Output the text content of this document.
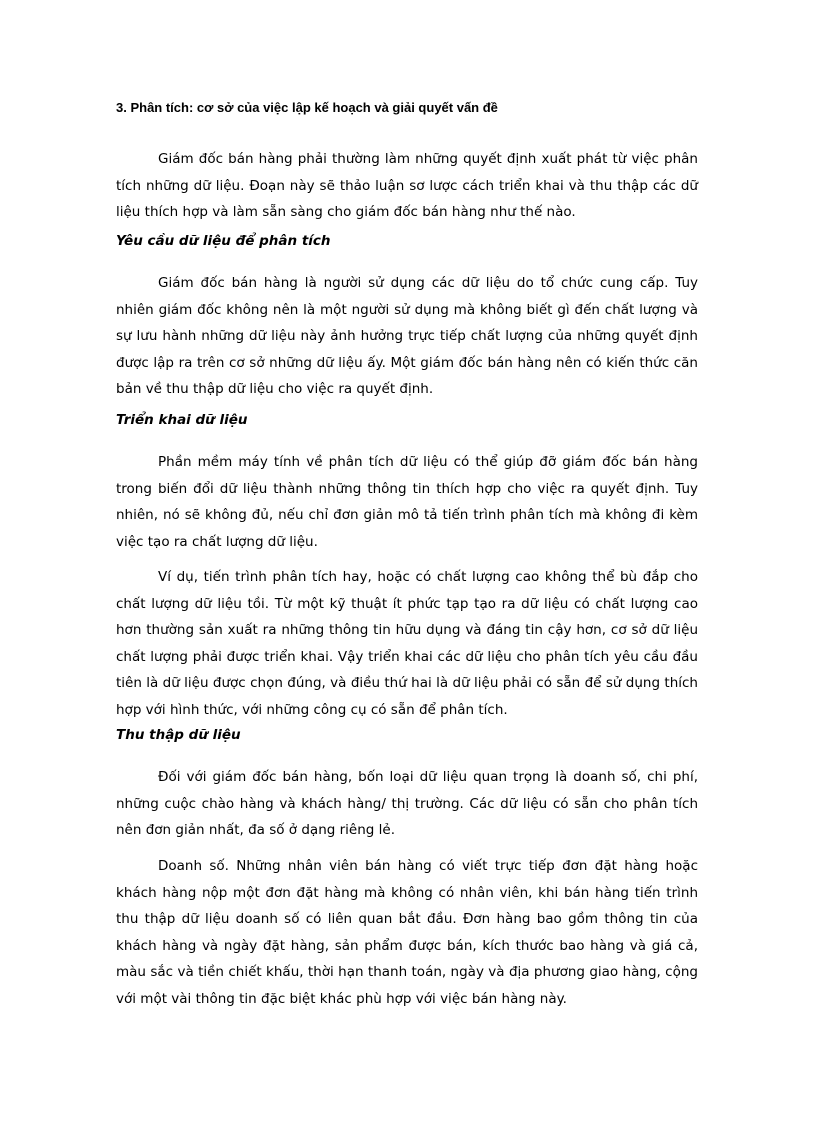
3. Phân tích: cơ sở của việc lập kế hoạch và giải quyết vấn đề

Giám đốc bán hàng phải thường làm những quyết định xuất phát từ việc phân tích những dữ liệu. Đoạn này sẽ thảo luận sơ lược cách triển khai và thu thập các dữ liệu thích hợp và làm sẵn sàng cho giám đốc bán hàng như thế nào.

Yêu cầu dữ liệu để phân tích

Giám đốc bán hàng là người sử dụng các dữ liệu do tổ chức cung cấp. Tuy nhiên giám đốc không nên là một người sử dụng mà không biết gì đến chất lượng và sự lưu hành những dữ liệu này ảnh hưởng trực tiếp chất lượng của những quyết định được lập ra trên cơ sở những dữ liệu ấy. Một giám đốc bán hàng nên có kiến thức căn bản về thu thập dữ liệu cho việc ra quyết định.

Triển khai dữ liệu

Phần mềm máy tính về phân tích dữ liệu có thể giúp đỡ giám đốc bán hàng trong biến đổi dữ liệu thành những thông tin thích hợp cho việc ra quyết định. Tuy nhiên, nó sẽ không đủ, nếu chỉ đơn giản mô tả tiến trình phân tích mà không đi kèm việc tạo ra chất lượng dữ liệu.

Ví dụ, tiến trình phân tích hay, hoặc có chất lượng cao không thể bù đắp cho chất lượng dữ liệu tồi. Từ một kỹ thuật ít phức tạp tạo ra dữ liệu có chất lượng cao hơn thường sản xuất ra những thông tin hữu dụng và đáng tin cậy hơn, cơ sở dữ liệu chất lượng phải được triển khai. Vậy triển khai các dữ liệu cho phân tích yêu cầu đầu tiên là dữ liệu được chọn đúng, và điều thứ hai là dữ liệu phải có sẵn để sử dụng thích hợp với hình thức, với những công cụ có sẵn để phân tích.

Thu thập dữ liệu

Đối với giám đốc bán hàng, bốn loại dữ liệu quan trọng là doanh số, chi phí, những cuộc chào hàng và khách hàng/ thị trường. Các dữ liệu có sẵn cho phân tích nên đơn giản nhất, đa số ở dạng riêng lẻ.

Doanh số. Những nhân viên bán hàng có viết trực tiếp đơn đặt hàng hoặc khách hàng nộp một đơn đặt hàng mà không có nhân viên, khi bán hàng tiến trình thu thập dữ liệu doanh số có liên quan bắt đầu. Đơn hàng bao gồm thông tin của khách hàng và ngày đặt hàng, sản phẩm được bán, kích thước bao hàng và giá cả, màu sắc và tiền chiết khấu, thời hạn thanh toán, ngày và địa phương giao hàng, cộng với một vài thông tin đặc biệt khác phù hợp với việc bán hàng này.
